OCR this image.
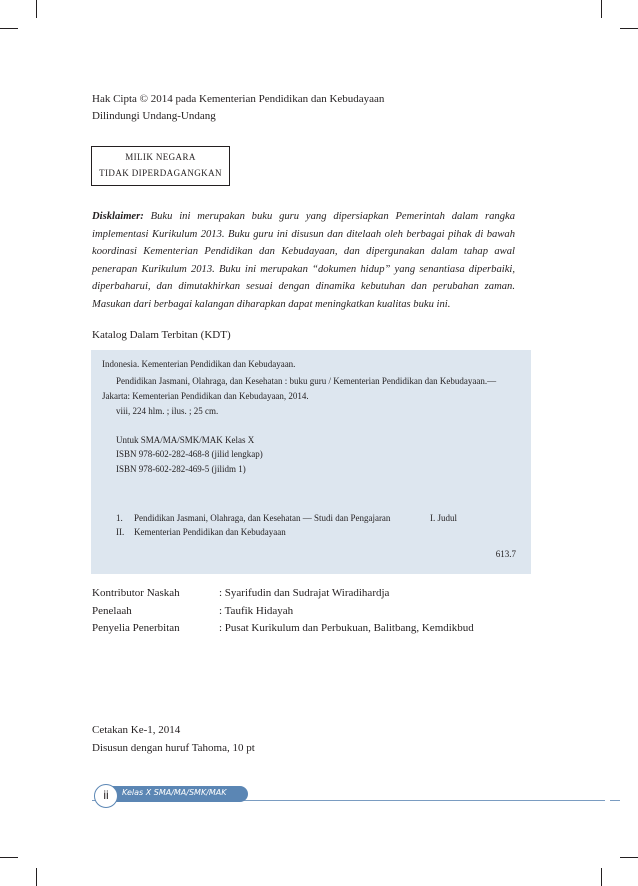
Hak Cipta © 2014 pada Kementerian Pendidikan dan Kebudayaan
Dilindungi Undang-Undang
MILIK NEGARA
TIDAK DIPERDAGANGKAN
Disklaimer: Buku ini merupakan buku guru yang dipersiapkan Pemerintah dalam rangka implementasi Kurikulum 2013. Buku guru ini disusun dan ditelaah oleh berbagai pihak di bawah koordinasi Kementerian Pendidikan dan Kebudayaan, dan dipergunakan dalam tahap awal penerapan Kurikulum 2013. Buku ini merupakan “dokumen hidup” yang senantiasa diperbaiki, diperbaharui, dan dimutakhirkan sesuai dengan dinamika kebutuhan dan perubahan zaman. Masukan dari berbagai kalangan diharapkan dapat meningkatkan kualitas buku ini.
Katalog Dalam Terbitan (KDT)
Indonesia. Kementerian Pendidikan dan Kebudayaan.
Pendidikan Jasmani, Olahraga, dan Kesehatan : buku guru / Kementerian Pendidikan dan Kebudayaan.—
Jakarta: Kementerian Pendidikan dan Kebudayaan, 2014.
viii, 224 hlm. ; ilus. ; 25 cm.
Untuk SMA/MA/SMK/MAK Kelas X
ISBN 978-602-282-468-8 (jilid lengkap)
ISBN 978-602-282-469-5 (jilidm 1)
1. Pendidikan Jasmani, Olahraga, dan Kesehatan — Studi dan Pengajaran	I. Judul
II. Kementerian Pendidikan dan Kebudayaan
613.7
Kontributor Naskah	: Syarifudin dan Sudrajat Wiradihardja
Penelaah	: Taufik Hidayah
Penyelia Penerbitan	: Pusat Kurikulum dan Perbukuan, Balitbang, Kemdikbud
Cetakan Ke-1, 2014
Disusun dengan huruf Tahoma, 10 pt
Kelas X SMA/MA/SMK/MAK
ii
